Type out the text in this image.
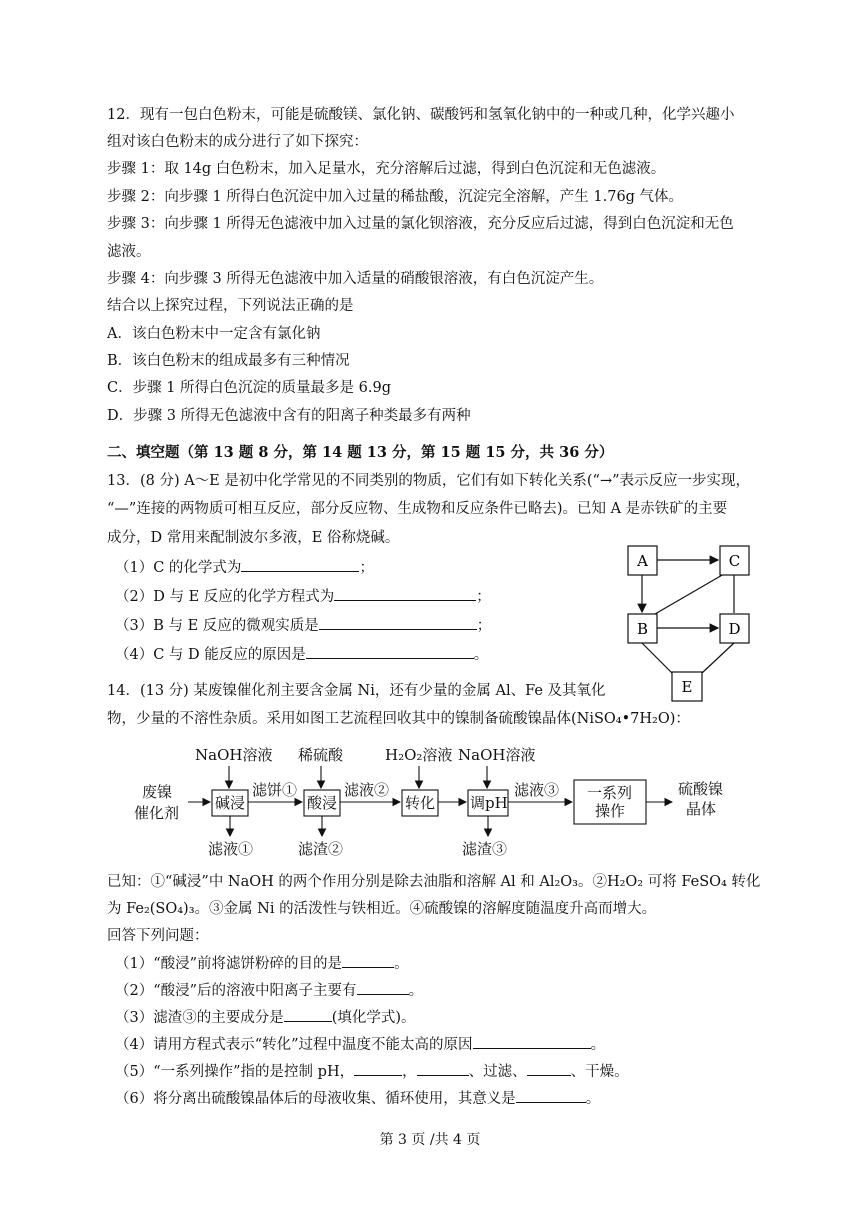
12．现有一包白色粉末，可能是硫酸镁、氯化钠、碳酸钙和氢氧化钠中的一种或几种，化学兴趣小
组对该白色粉末的成分进行了如下探究：
步骤 1：取 14g 白色粉末，加入足量水，充分溶解后过滤，得到白色沉淀和无色滤液。
步骤 2：向步骤 1 所得白色沉淀中加入过量的稀盐酸，沉淀完全溶解，产生 1.76g 气体。
步骤 3：向步骤 1 所得无色滤液中加入过量的氯化钡溶液，充分反应后过滤，得到白色沉淀和无色
滤液。
步骤 4：向步骤 3 所得无色滤液中加入适量的硝酸银溶液，有白色沉淀产生。
结合以上探究过程，下列说法正确的是
A．该白色粉末中一定含有氯化钠
B．该白色粉末的组成最多有三种情况
C．步骤 1 所得白色沉淀的质量最多是 6.9g
D．步骤 3 所得无色滤液中含有的阳离子种类最多有两种
二、填空题（第 13 题 8 分，第 14 题 13 分，第 15 题 15 分，共 36 分）
13．(8 分) A～E 是初中化学常见的不同类别的物质，它们有如下转化关系(“→”表示反应一步实现，
“—”连接的两物质可相互反应，部分反应物、生成物和反应条件已略去)。已知 A 是赤铁矿的主要
成分，D 常用来配制波尔多液，E 俗称烧碱。
（1）C 的化学式为	；
（2）D 与 E 反应的化学方程式为	；
（3）B 与 E 反应的微观实质是	；
（4）C 与 D 能反应的原因是	。
A	C
B	D
E
14．(13 分) 某废镍催化剂主要含金属 Ni，还有少量的金属 Al、Fe 及其氧化
物，少量的不溶性杂质。采用如图工艺流程回收其中的镍制备硫酸镍晶体(NiSO₄•7H₂O)：
NaOH溶液 稀硫酸	H₂O₂溶液 NaOH溶液
废镍
催化剂
碱浸
滤饼①
酸浸
滤液②
转化 调pH
滤液③ 一系列
操作
硫酸镍
晶体
滤液①	滤渣②	滤渣③
已知：①“碱浸”中 NaOH 的两个作用分别是除去油脂和溶解 Al 和 Al₂O₃。②H₂O₂ 可将 FeSO₄ 转化
为 Fe₂(SO₄)₃。③金属 Ni 的活泼性与铁相近。④硫酸镍的溶解度随温度升高而增大。
回答下列问题：
（1）“酸浸”前将滤饼粉碎的目的是	。
（2）“酸浸”后的溶液中阳离子主要有	。
（3）滤渣③的主要成分是	(填化学式)。
（4）请用方程式表示“转化”过程中温度不能太高的原因	。
（5）“一系列操作”指的是控制 pH，	，	、过滤、	、干燥。
（6）将分离出硫酸镍晶体后的母液收集、循环使用，其意义是	。
第 3 页 /共 4 页
